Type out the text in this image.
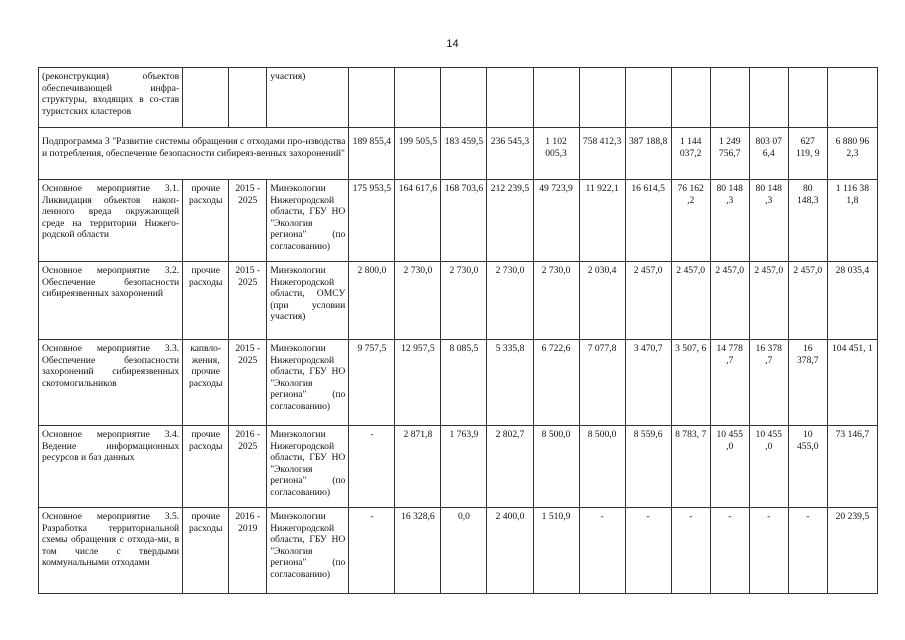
14
(реконструкция) объектов обеспечивающей инфра-структуры, входящих в со-став туристских кластеров			участия)												
Подпрограмма 3 "Развитие системы обращения с отходами про-изводства и потребления, обеспечение безопасности сибиреяз-венных захоронений"				189 855,4	199 505,5	183 459,5	236 545,3	1 102 005,3	758 412,3	387 188,8	1 144 037,2	1 249 756,7	803 07 6,4	627 119, 9	6 880 96 2,3
Основное мероприятие 3.1. Ликвидация объектов накоп-ленного вреда окружающей среде на территории Нижего-родской области	прочие расходы	2015 - 2025	Минэкологии Нижегородской области, ГБУ НО "Экология региона" (по согласованию)	175 953,5	164 617,6	168 703,6	212 239,5	49 723,9	11 922,1	16 614,5	76 162 ,2	80 148 ,3	80 148 ,3	80 148,3	1 116 38 1,8
Основное мероприятие 3.2. Обеспечение безопасности сибиреязвенных захоронений	прочие расходы	2015 - 2025	Минэкологии Нижегородской области, ОМСУ (при условии участия)	2 800,0	2 730,0	2 730,0	2 730,0	2 730,0	2 030,4	2 457,0	2 457,0	2 457,0	2 457,0	2 457,0	28 035,4
Основное мероприятие 3.3. Обеспечение безопасности захоронений сибиреязвенных скотомогильников	капвло-жения, прочие расходы	2015 - 2025	Минэкологии Нижегородской области, ГБУ НО "Экология региона" (по согласованию)	9 757,5	12 957,5	8 085,5	5 335,8	6 722,6	7 077,8	3 470,7	3 507, 6	14 778 ,7	16 378 ,7	16 378,7	104 451, 1
Основное мероприятие 3.4. Ведение информационных ресурсов и баз данных	прочие расходы	2016 - 2025	Минэкологии Нижегородской области, ГБУ НО "Экология региона" (по согласованию)	-	2 871,8	1 763,9	2 802,7	8 500,0	8 500,0	8 559,6	8 783, 7	10 455 ,0	10 455 ,0	10 455,0	73 146,7
Основное мероприятие 3.5. Разработка территориальной схемы обращения с отхода-ми, в том числе с твердыми коммунальными отходами	прочие расходы	2016 - 2019	Минэкологии Нижегородской области, ГБУ НО "Экология региона" (по согласованию)	-	16 328,6	0,0	2 400,0	1 510,9	-	-	-	-	-	-	20 239,5
